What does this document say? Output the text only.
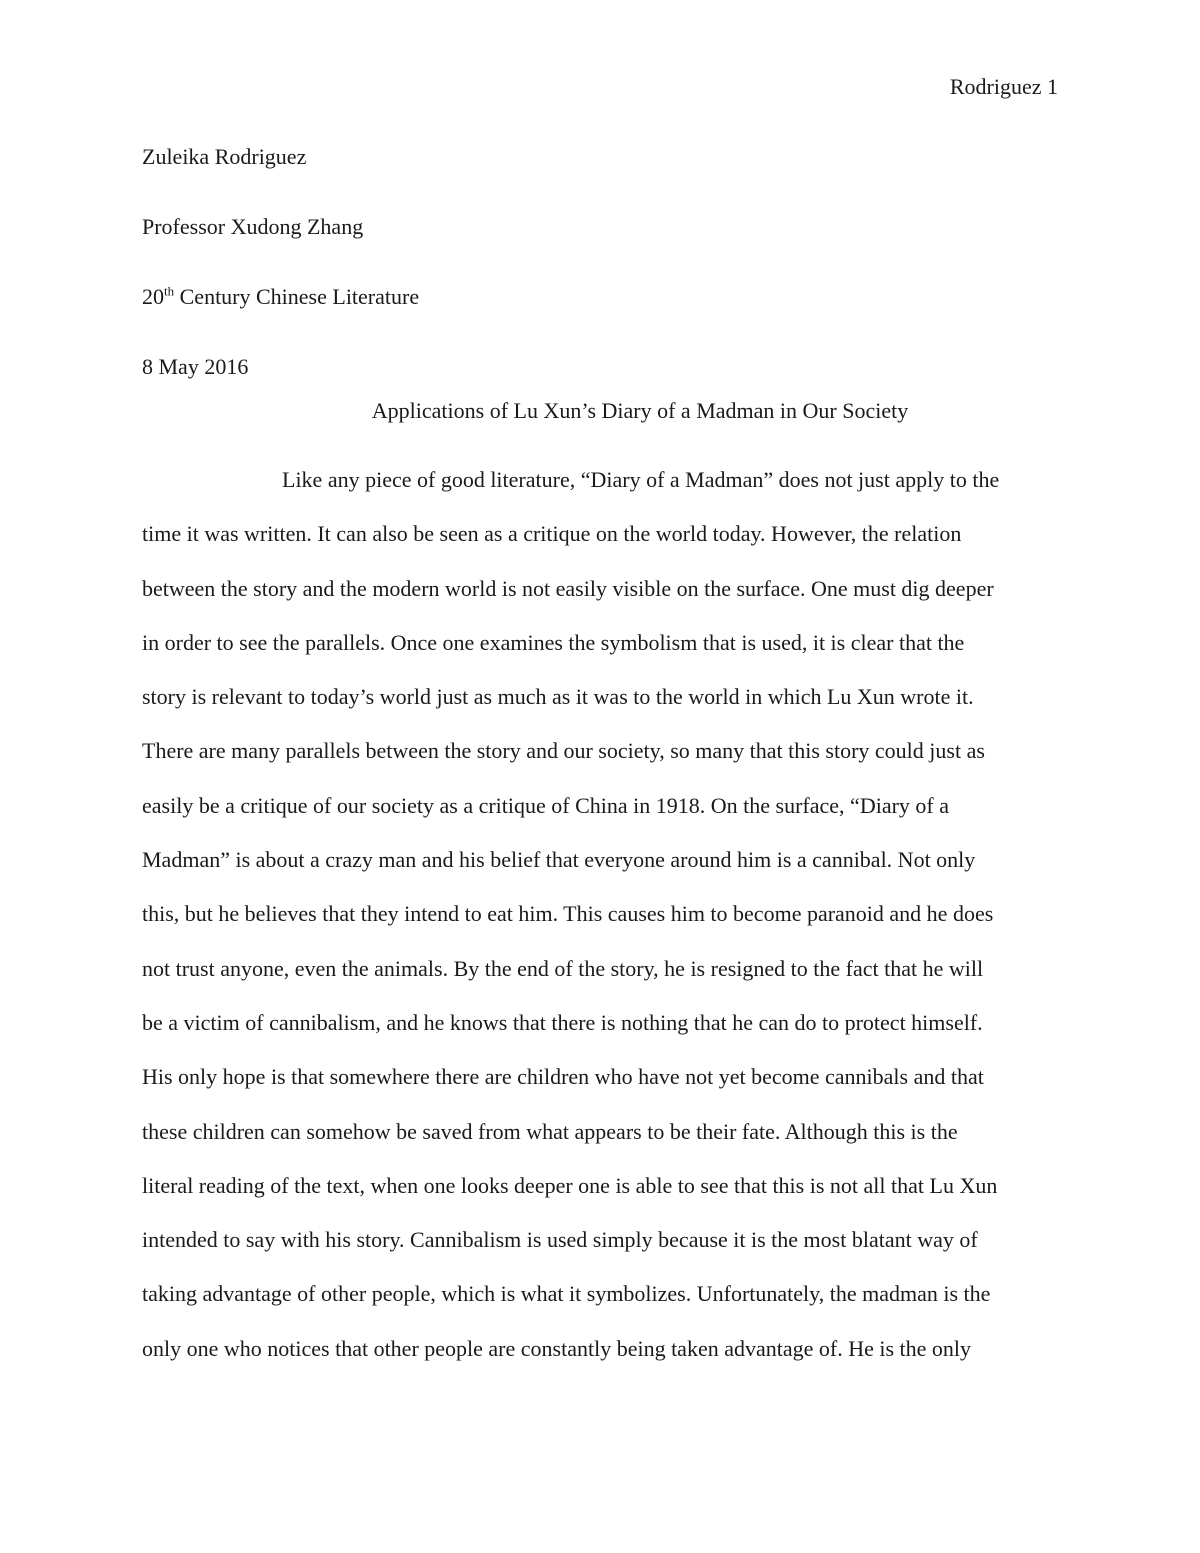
Rodriguez 1
Zuleika Rodriguez
Professor Xudong Zhang
20th Century Chinese Literature
8 May 2016
Applications of Lu Xun’s Diary of a Madman in Our Society
Like any piece of good literature, “Diary of a Madman” does not just apply to the
time it was written. It can also be seen as a critique on the world today. However, the relation
between the story and the modern world is not easily visible on the surface. One must dig deeper
in order to see the parallels. Once one examines the symbolism that is used, it is clear that the
story is relevant to today’s world just as much as it was to the world in which Lu Xun wrote it.
There are many parallels between the story and our society, so many that this story could just as
easily be a critique of our society as a critique of China in 1918. On the surface, “Diary of a
Madman” is about a crazy man and his belief that everyone around him is a cannibal. Not only
this, but he believes that they intend to eat him. This causes him to become paranoid and he does
not trust anyone, even the animals. By the end of the story, he is resigned to the fact that he will
be a victim of cannibalism, and he knows that there is nothing that he can do to protect himself.
His only hope is that somewhere there are children who have not yet become cannibals and that
these children can somehow be saved from what appears to be their fate. Although this is the
literal reading of the text, when one looks deeper one is able to see that this is not all that Lu Xun
intended to say with his story. Cannibalism is used simply because it is the most blatant way of
taking advantage of other people, which is what it symbolizes. Unfortunately, the madman is the
only one who notices that other people are constantly being taken advantage of. He is the only
